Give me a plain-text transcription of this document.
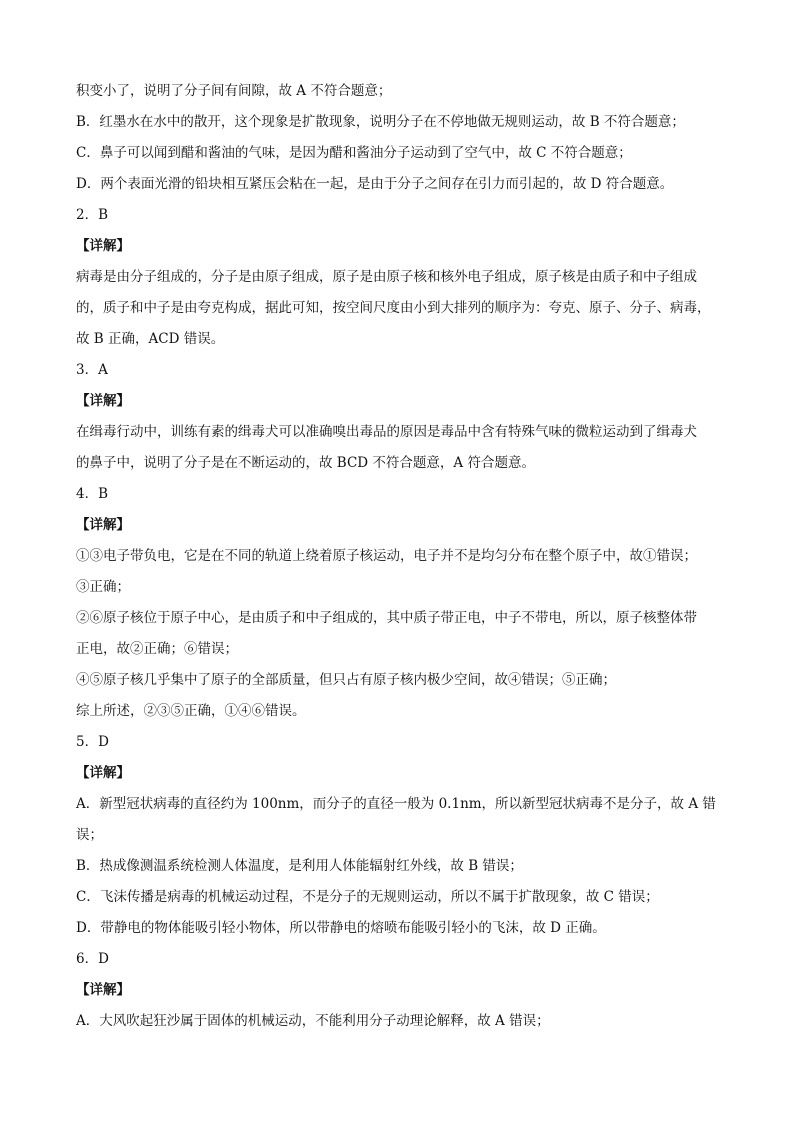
积变小了，说明了分子间有间隙，故 A 不符合题意；
B．红墨水在水中的散开，这个现象是扩散现象，说明分子在不停地做无规则运动，故 B 不符合题意；
C．鼻子可以闻到醋和酱油的气味，是因为醋和酱油分子运动到了空气中，故 C 不符合题意；
D．两个表面光滑的铅块相互紧压会粘在一起，是由于分子之间存在引力而引起的，故 D 符合题意。
2．B
【详解】
病毒是由分子组成的，分子是由原子组成，原子是由原子核和核外电子组成，原子核是由质子和中子组成
的，质子和中子是由夸克构成，据此可知，按空间尺度由小到大排列的顺序为：夸克、原子、分子、病毒，
故 B 正确，ACD 错误。
3．A
【详解】
在缉毒行动中，训练有素的缉毒犬可以准确嗅出毒品的原因是毒品中含有特殊气味的微粒运动到了缉毒犬
的鼻子中，说明了分子是在不断运动的，故 BCD 不符合题意，A 符合题意。
4．B
【详解】
①③电子带负电，它是在不同的轨道上绕着原子核运动，电子并不是均匀分布在整个原子中，故①错误；
③正确；
②⑥原子核位于原子中心，是由质子和中子组成的，其中质子带正电，中子不带电，所以，原子核整体带
正电，故②正确；⑥错误；
④⑤原子核几乎集中了原子的全部质量，但只占有原子核内极少空间，故④错误；⑤正确；
综上所述，②③⑤正确，①④⑥错误。
5．D
【详解】
A．新型冠状病毒的直径约为 100nm，而分子的直径一般为 0.1nm，所以新型冠状病毒不是分子，故 A 错
误；
B．热成像测温系统检测人体温度，是利用人体能辐射红外线，故 B 错误；
C．飞沫传播是病毒的机械运动过程，不是分子的无规则运动，所以不属于扩散现象，故 C 错误；
D．带静电的物体能吸引轻小物体，所以带静电的熔喷布能吸引轻小的飞沫，故 D 正确。
6．D
【详解】
A．大风吹起狂沙属于固体的机械运动，不能利用分子动理论解释，故 A 错误；
